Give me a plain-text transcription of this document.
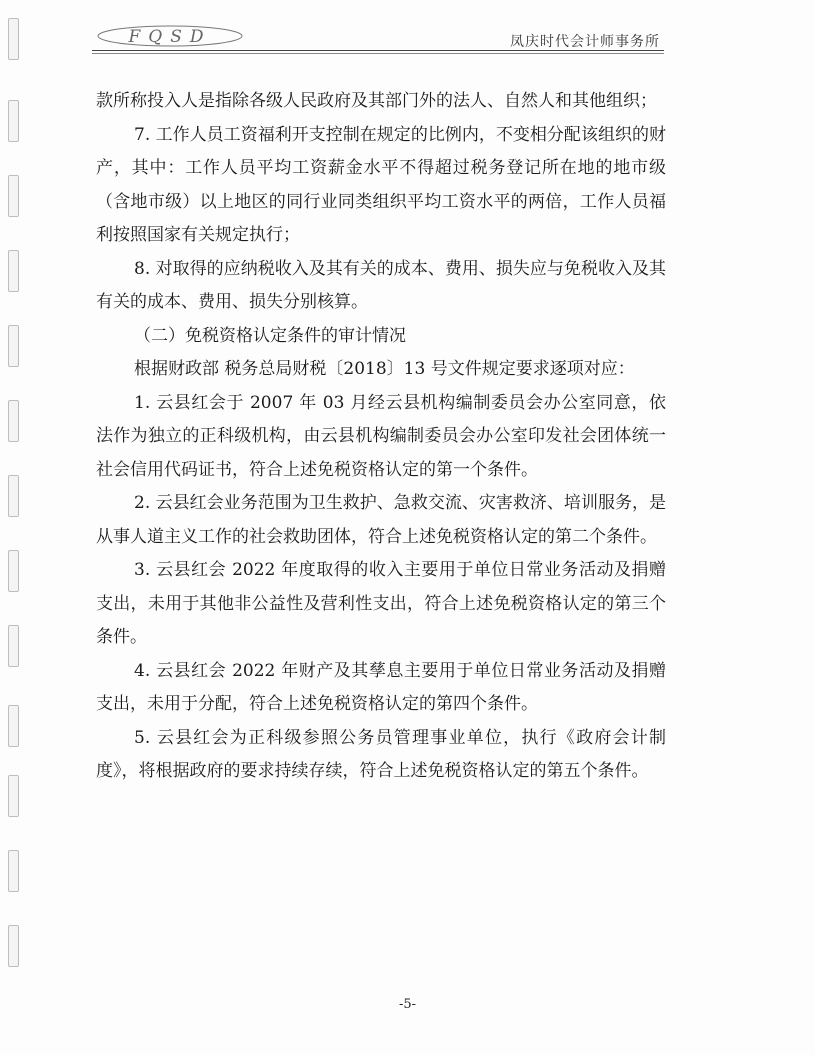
FQSD	凤庆时代会计师事务所

款所称投入人是指除各级人民政府及其部门外的法人、自然人和其他组织；

7. 工作人员工资福利开支控制在规定的比例内，不变相分配该组织的财产，其中：工作人员平均工资薪金水平不得超过税务登记所在地的地市级（含地市级）以上地区的同行业同类组织平均工资水平的两倍，工作人员福利按照国家有关规定执行；

8. 对取得的应纳税收入及其有关的成本、费用、损失应与免税收入及其有关的成本、费用、损失分别核算。

（二）免税资格认定条件的审计情况

根据财政部 税务总局财税〔2018〕13 号文件规定要求逐项对应：

1. 云县红会于 2007 年 03 月经云县机构编制委员会办公室同意，依法作为独立的正科级机构，由云县机构编制委员会办公室印发社会团体统一社会信用代码证书，符合上述免税资格认定的第一个条件。

2. 云县红会业务范围为卫生救护、急救交流、灾害救济、培训服务，是从事人道主义工作的社会救助团体，符合上述免税资格认定的第二个条件。

3. 云县红会 2022 年度取得的收入主要用于单位日常业务活动及捐赠支出，未用于其他非公益性及营利性支出，符合上述免税资格认定的第三个条件。

4. 云县红会 2022 年财产及其孳息主要用于单位日常业务活动及捐赠支出，未用于分配，符合上述免税资格认定的第四个条件。

5. 云县红会为正科级参照公务员管理事业单位，执行《政府会计制度》，将根据政府的要求持续存续，符合上述免税资格认定的第五个条件。

-5-
